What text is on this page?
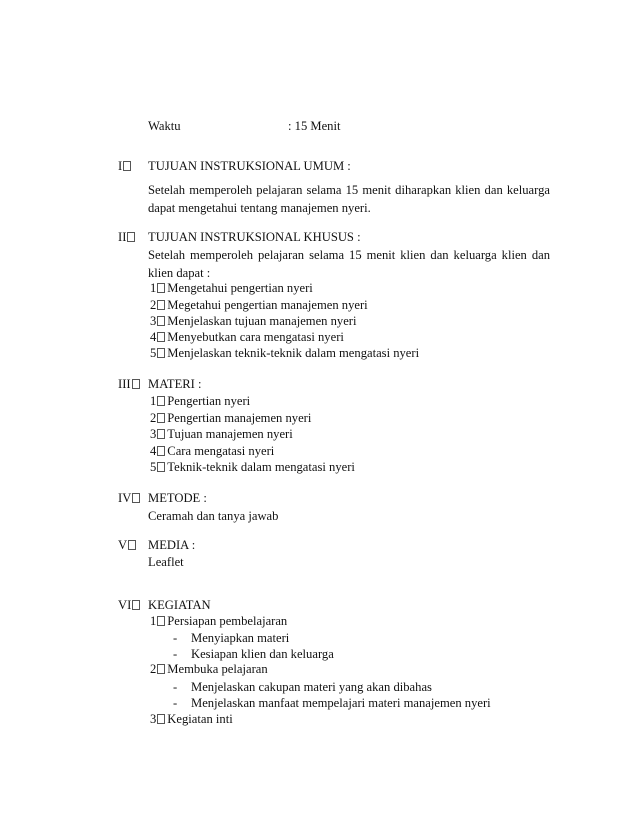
Waktu	: 15 Menit
I	TUJUAN INSTRUKSIONAL UMUM :
Setelah memperoleh pelajaran selama 15 menit diharapkan klien dan keluarga dapat mengetahui tentang manajemen nyeri.
II	TUJUAN INSTRUKSIONAL KHUSUS :
Setelah memperoleh pelajaran selama 15 menit klien dan keluarga klien dan klien dapat :
1 Mengetahui pengertian nyeri
2 Megetahui pengertian manajemen nyeri
3 Menjelaskan tujuan manajemen nyeri
4 Menyebutkan cara mengatasi nyeri
5 Menjelaskan teknik-teknik dalam mengatasi nyeri
III	MATERI :
1 Pengertian nyeri
2 Pengertian manajemen nyeri
3 Tujuan manajemen nyeri
4 Cara mengatasi nyeri
5 Teknik-teknik dalam mengatasi nyeri
IV	METODE :
Ceramah dan tanya jawab
V	MEDIA :
Leaflet
VI	KEGIATAN
1 Persiapan pembelajaran
- Menyiapkan materi
- Kesiapan klien dan keluarga
2 Membuka pelajaran
- Menjelaskan cakupan materi yang akan dibahas
- Menjelaskan manfaat mempelajari materi manajemen nyeri
3 Kegiatan inti
